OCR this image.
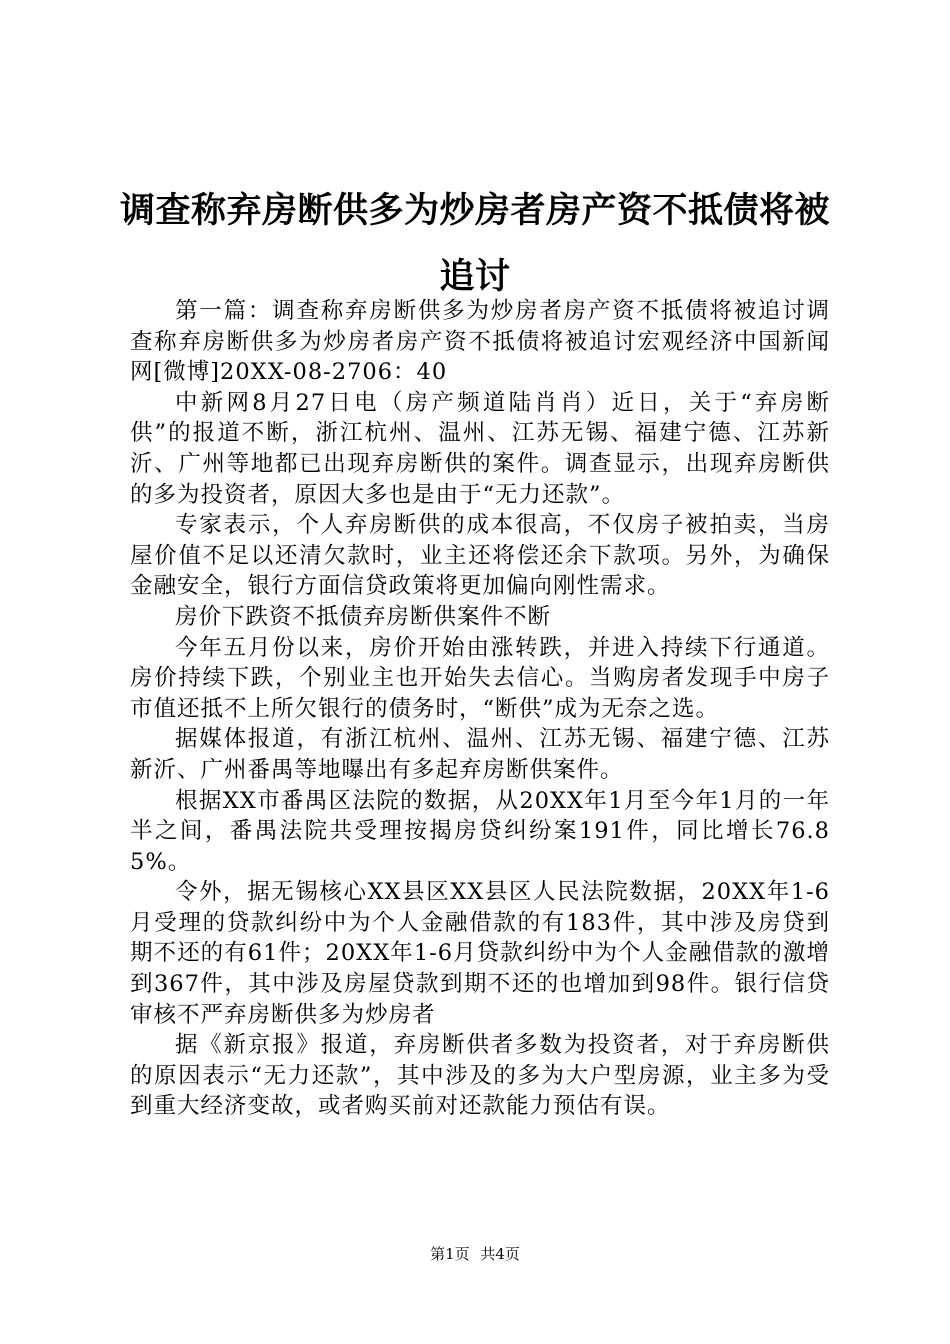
调查称弃房断供多为炒房者房产资不抵债将被追讨

第一篇：调查称弃房断供多为炒房者房产资不抵债将被追讨调查称弃房断供多为炒房者房产资不抵债将被追讨宏观经济中国新闻网[微博]20XX-08-2706：40

中新网8月27日电（房产频道陆肖肖）近日，关于“弃房断供”的报道不断，浙江杭州、温州、江苏无锡、福建宁德、江苏新沂、广州等地都已出现弃房断供的案件。调查显示，出现弃房断供的多为投资者，原因大多也是由于“无力还款”。

专家表示，个人弃房断供的成本很高，不仅房子被拍卖，当房屋价值不足以还清欠款时，业主还将偿还余下款项。另外，为确保金融安全，银行方面信贷政策将更加偏向刚性需求。

房价下跌资不抵债弃房断供案件不断

今年五月份以来，房价开始由涨转跌，并进入持续下行通道。房价持续下跌，个别业主也开始失去信心。当购房者发现手中房子市值还抵不上所欠银行的债务时，“断供”成为无奈之选。

据媒体报道，有浙江杭州、温州、江苏无锡、福建宁德、江苏新沂、广州番禺等地曝出有多起弃房断供案件。

根据XX市番禺区法院的数据，从20XX年1月至今年1月的一年半之间，番禺法院共受理按揭房贷纠纷案191件，同比增长76.85%。

令外，据无锡核心XX县区XX县区人民法院数据，20XX年1-6月受理的贷款纠纷中为个人金融借款的有183件，其中涉及房贷到期不还的有61件；20XX年1-6月贷款纠纷中为个人金融借款的激增到367件，其中涉及房屋贷款到期不还的也增加到98件。银行信贷审核不严弃房断供多为炒房者

据《新京报》报道，弃房断供者多数为投资者，对于弃房断供的原因表示“无力还款”，其中涉及的多为大户型房源，业主多为受到重大经济变故，或者购买前对还款能力预估有误。

第1页 共4页
